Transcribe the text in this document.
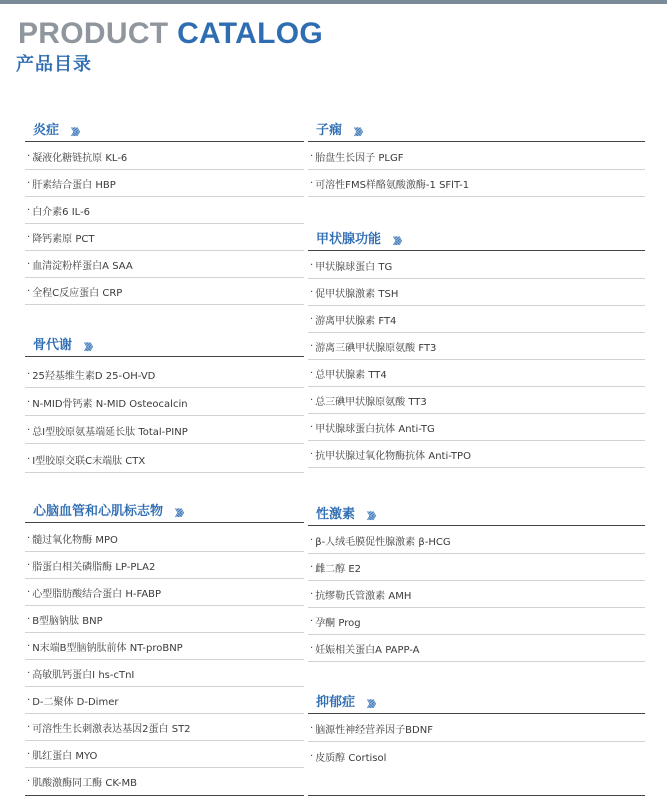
PRODUCT CATALOG
产品目录
炎症 》》》》
· 凝液化糖链抗原 KL-6
· 肝素结合蛋白 HBP
· 白介素6 IL-6
· 降钙素原 PCT
· 血清淀粉样蛋白A SAA
· 全程C反应蛋白 CRP
骨代谢 》》》》
· 25羟基维生素D 25-OH-VD
· N-MID骨钙素 N-MID Osteocalcin
· 总I型胶原氨基端延长肽 Total-PINP
· I型胶原交联C末端肽 CTX
心脑血管和心肌标志物 》》》》
· 髓过氧化物酶 MPO
· 脂蛋白相关磷脂酶 LP-PLA2
· 心型脂肪酸结合蛋白 H-FABP
· B型脑钠肽 BNP
· N末端B型脑钠肽前体 NT-proBNP
· 高敏肌钙蛋白I hs-cTnI
· D-二聚体 D-Dimer
· 可溶性生长刺激表达基因2蛋白 ST2
· 肌红蛋白 MYO
· 肌酸激酶同工酶 CK-MB
子痫 》》》》
· 胎盘生长因子 PLGF
· 可溶性FMS样酪氨酸激酶-1 SFlT-1
甲状腺功能 》》》》
· 甲状腺球蛋白 TG
· 促甲状腺激素 TSH
· 游离甲状腺素 FT4
· 游离三碘甲状腺原氨酸 FT3
· 总甲状腺素 TT4
· 总三碘甲状腺原氨酸 TT3
· 甲状腺球蛋白抗体 Anti-TG
· 抗甲状腺过氧化物酶抗体 Anti-TPO
性激素 》》》》
· β-人绒毛膜促性腺激素 β-HCG
· 雌二醇 E2
· 抗缪勒氏管激素 AMH
· 孕酮 Prog
· 妊娠相关蛋白A PAPP-A
抑郁症 》》》》
· 脑源性神经营养因子BDNF
· 皮质醇 Cortisol
